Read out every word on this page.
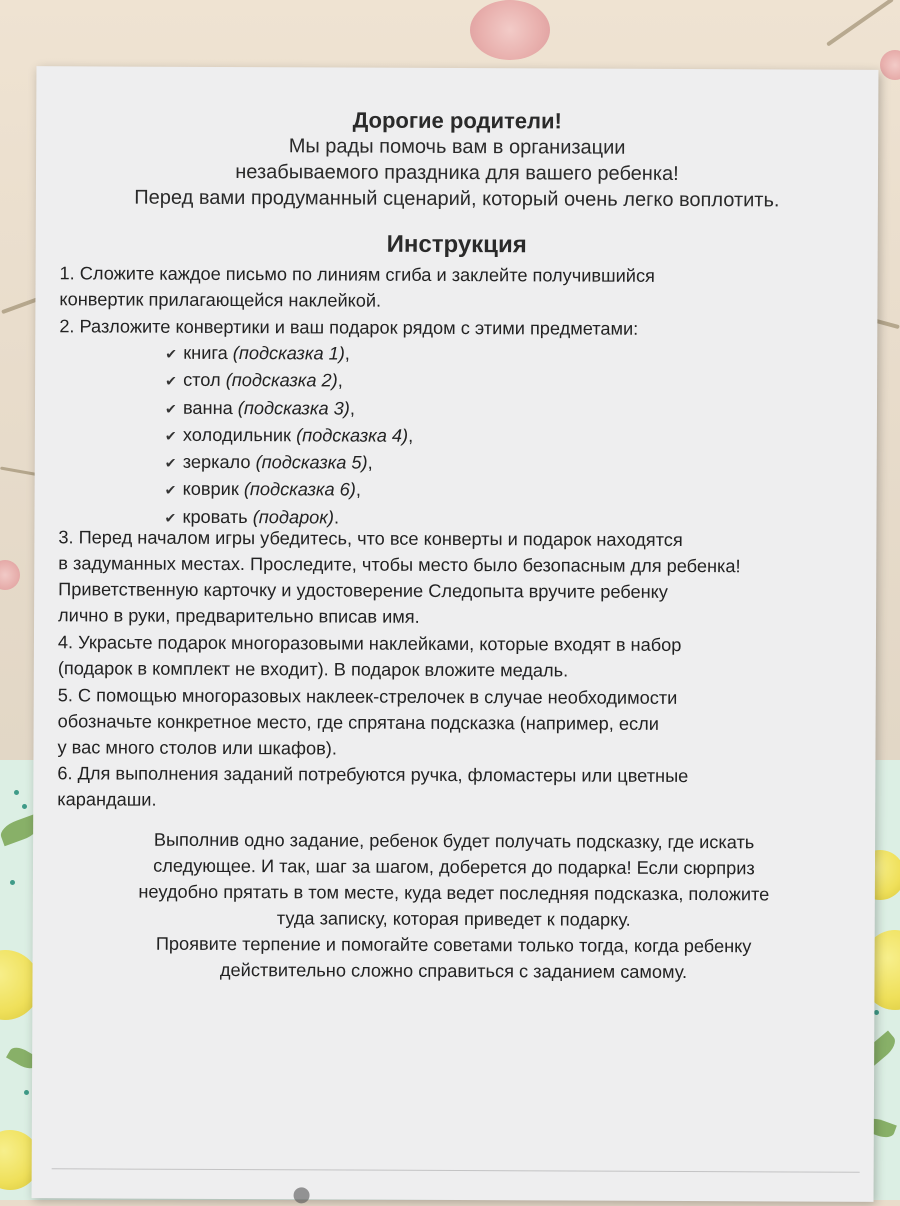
Дорогие родители!
Мы рады помочь вам в организации
незабываемого праздника для вашего ребенка!
Перед вами продуманный сценарий, который очень легко воплотить.
Инструкция
1. Сложите каждое письмо по линиям сгиба и заклейте получившийся
конвертик прилагающейся наклейкой.
2. Разложите конвертики и ваш подарок рядом с этими предметами:
✔ книга (подсказка 1),
✔ стол (подсказка 2),
✔ ванна (подсказка 3),
✔ холодильник (подсказка 4),
✔ зеркало (подсказка 5),
✔ коврик (подсказка 6),
✔ кровать (подарок).
3. Перед началом игры убедитесь, что все конверты и подарок находятся
в задуманных местах. Проследите, чтобы место было безопасным для ребенка!
Приветственную карточку и удостоверение Следопыта вручите ребенку
лично в руки, предварительно вписав имя.
4. Украсьте подарок многоразовыми наклейками, которые входят в набор
(подарок в комплект не входит). В подарок вложите медаль.
5. С помощью многоразовых наклеек-стрелочек в случае необходимости
обозначьте конкретное место, где спрятана подсказка (например, если
у вас много столов или шкафов).
6. Для выполнения заданий потребуются ручка, фломастеры или цветные
карандаши.
Выполнив одно задание, ребенок будет получать подсказку, где искать
следующее. И так, шаг за шагом, доберется до подарка! Если сюрприз
неудобно прятать в том месте, куда ведет последняя подсказка, положите
туда записку, которая приведет к подарку.
Проявите терпение и помогайте советами только тогда, когда ребенку
действительно сложно справиться с заданием самому.
